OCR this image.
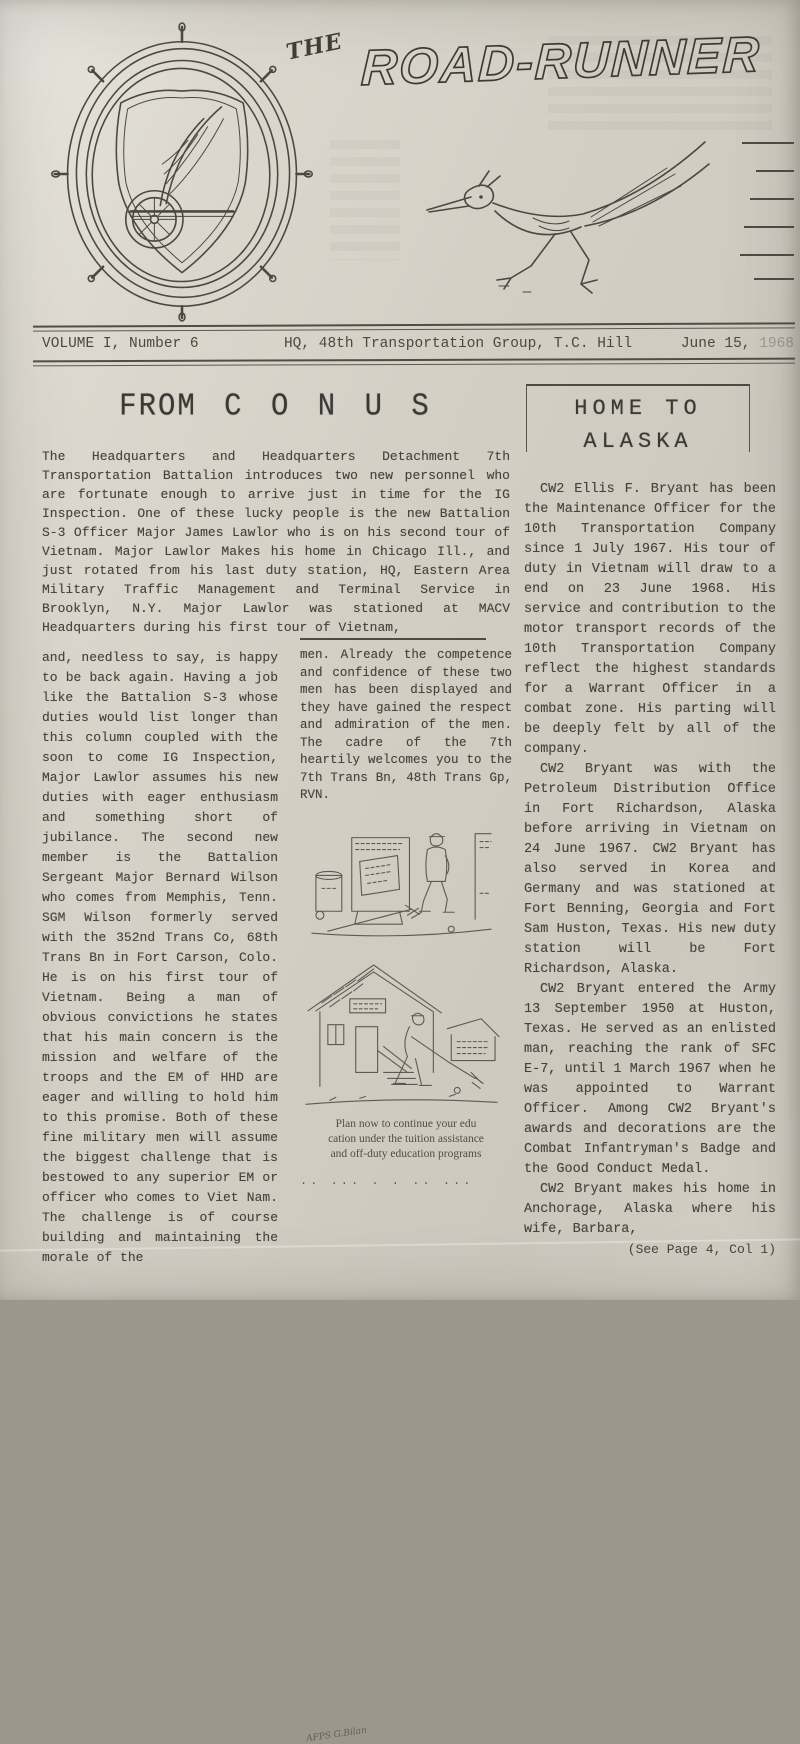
THE ROAD-RUNNER
VOLUME I, Number 6	HQ, 48th Transportation Group, T.C. Hill	June 15, 1968
FROM C O N U S

The Headquarters and Headquarters Detachment 7th Transportation Battalion introduces two new personnel who are fortunate enough to arrive just in time for the IG Inspection. One of these lucky people is the new Battalion S-3 Officer Major James Lawlor who is on his second tour of Vietnam. Major Lawlor Makes his home in Chicago Ill., and just rotated from his last duty station, HQ, Eastern Area Military Traffic Management and Terminal Service in Brooklyn, N.Y. Major Lawlor was stationed at MACV Headquarters during his first tour of Vietnam,

and, needless to say, is happy to be back again. Having a job like the Battalion S-3 whose duties would list longer than this column coupled with the soon to come IG Inspection, Major Lawlor assumes his new duties with eager enthusiasm and something short of jubilance. The second new member is the Battalion Sergeant Major Bernard Wilson who comes from Memphis, Tenn. SGM Wilson formerly served with the 352nd Trans Co, 68th Trans Bn in Fort Carson, Colo. He is on his first tour of Vietnam. Being a man of obvious convictions he states that his main concern is the mission and welfare of the troops and the EM of HHD are eager and willing to hold him to this promise. Both of these fine military men will assume the biggest challenge that is bestowed to any superior EM or officer who comes to Viet Nam. The challenge is of course building and maintaining the morale of the

men. Already the competence and confidence of these two men has been displayed and they have gained the respect and admiration of the men. The cadre of the 7th heartily welcomes you to the 7th Trans Bn, 48th Trans Gp, RVN.

Plan now to continue your edu
cation under the tuition assistance
and off-duty education programs
.. ... . . .. ...
AFPS G.Bilan
HOME TO
ALASKA

CW2 Ellis F. Bryant has been the Maintenance Officer for the 10th Transportation Company since 1 July 1967. His tour of duty in Vietnam will draw to a end on 23 June 1968. His service and contribution to the motor transport records of the 10th Transportation Company reflect the highest standards for a Warrant Officer in a combat zone. His parting will be deeply felt by all of the company.

CW2 Bryant was with the Petroleum Distribution Office in Fort Richardson, Alaska before arriving in Vietnam on 24 June 1967. CW2 Bryant has also served in Korea and Germany and was stationed at Fort Benning, Georgia and Fort Sam Huston, Texas. His new duty station will be Fort Richardson, Alaska.

CW2 Bryant entered the Army 13 September 1950 at Huston, Texas. He served as an enlisted man, reaching the rank of SFC E-7, until 1 March 1967 when he was appointed to Warrant Officer. Among CW2 Bryant's awards and decorations are the Combat Infantryman's Badge and the Good Conduct Medal.

CW2 Bryant makes his home in Anchorage, Alaska where his wife, Barbara,

(See Page 4, Col 1)
